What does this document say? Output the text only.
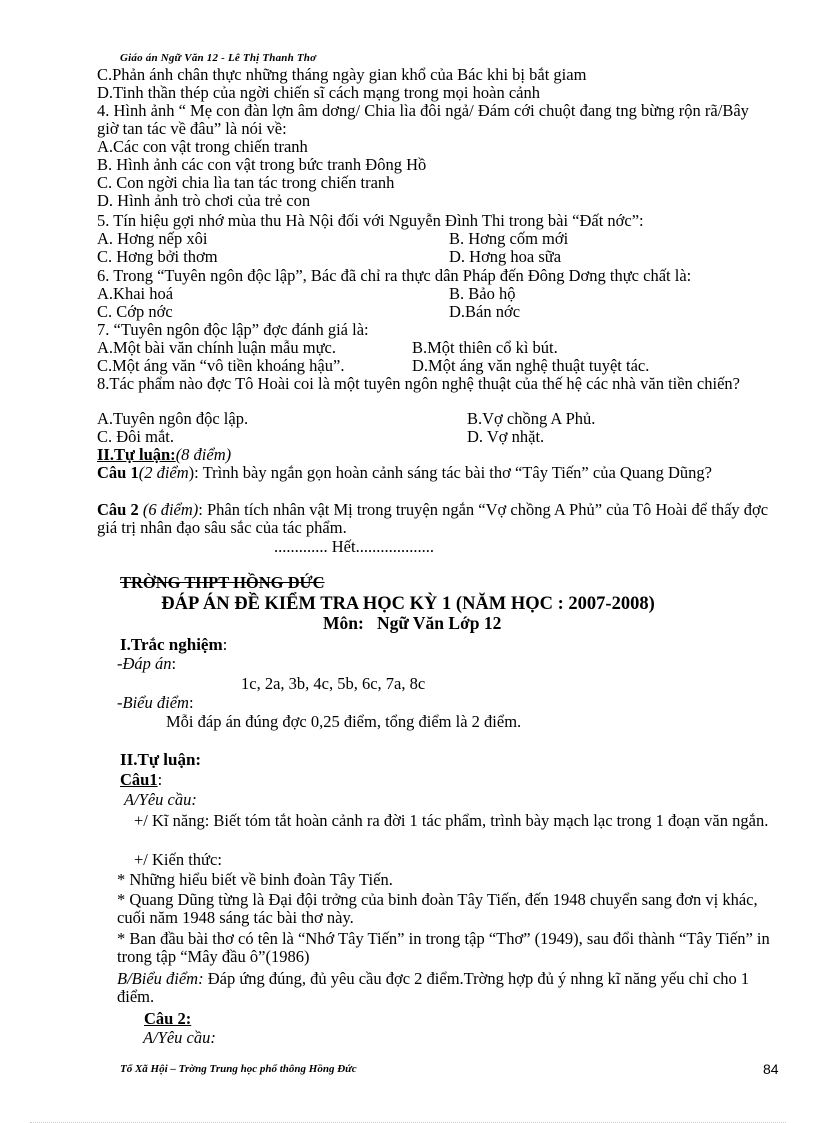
Giáo án Ngữ Văn 12 - Lê Thị Thanh Thơ
C.Phản ánh chân thực những tháng ngày gian khổ của Bác khi bị bắt giam
D.Tinh thần thép của ngời chiến sĩ cách mạng trong mọi hoàn cảnh
4. Hình ảnh “ Mẹ con đàn lợn âm dơng/ Chia lìa đôi ngả/ Đám cới chuột đang tng bừng rộn rã/Bây giờ tan tác về đâu” là nói về:
A.Các con vật trong chiến tranh
B. Hình ảnh các con vật trong bức tranh Đông Hồ
C. Con ngời chia lìa tan tác trong chiến tranh
D. Hình ảnh trò chơi của trẻ con
5. Tín hiệu gợi nhớ mùa thu Hà Nội đối với Nguyễn Đình Thi trong bài “Đất nớc”:
A. Hơng nếp xôi	B. Hơng cốm mới
C. Hơng bởi thơm	D. Hơng hoa sữa
6. Trong “Tuyên ngôn độc lập”, Bác đã chỉ ra thực dân Pháp đến Đông Dơng thực chất là:
A.Khai hoá	B. Bảo hộ
C. Cớp nớc	D.Bán nớc
7. “Tuyên ngôn độc lập” đợc đánh giá là:
A.Một bài văn chính luận mẫu mực.	B.Một thiên cổ kì bút.
C.Một áng văn “vô tiền khoáng hậu”.	D.Một áng văn nghệ thuật tuyệt tác.
8.Tác phẩm nào đợc Tô Hoài coi là một tuyên ngôn nghệ thuật của thế hệ các nhà văn tiền chiến?
A.Tuyên ngôn độc lập.	B.Vợ chồng A Phủ.
C. Đôi mắt.	D. Vợ nhặt.
II.Tự luận:(8 điểm)
Câu 1(2 điểm): Trình bày ngắn gọn hoàn cảnh sáng tác bài thơ “Tây Tiến” của Quang Dũng?
Câu 2 (6 điểm): Phân tích nhân vật Mị trong truyện ngắn “Vợ chồng A Phủ” của Tô Hoài để thấy đợc giá trị nhân đạo sâu sắc của tác phẩm.
............. Hết...................
TRỜNG THPT HỒNG ĐỨC
ĐÁP ÁN ĐỀ KIỂM TRA HỌC KỲ 1 (NĂM HỌC : 2007-2008)
Môn: Ngữ Văn Lớp 12
I.Trắc nghiệm:
-Đáp án:
1c, 2a, 3b, 4c, 5b, 6c, 7a, 8c
-Biểu điểm:
Mỗi đáp án đúng đợc 0,25 điểm, tổng điểm là 2 điểm.
II.Tự luận:
Câu1:
A/Yêu cầu:
+/ Kĩ năng: Biết tóm tắt hoàn cảnh ra đời 1 tác phẩm, trình bày mạch lạc trong 1 đoạn văn ngắn.
+/ Kiến thức:
* Những hiểu biết về binh đoàn Tây Tiến.
* Quang Dũng từng là Đại đội trởng của binh đoàn Tây Tiến, đến 1948 chuyển sang đơn vị khác, cuối năm 1948 sáng tác bài thơ này.
* Ban đầu bài thơ có tên là “Nhớ Tây Tiến” in trong tập “Thơ” (1949), sau đổi thành “Tây Tiến” in trong tập “Mây đầu ô”(1986)
B/Biểu điểm: Đáp ứng đúng, đủ yêu cầu đợc 2 điểm.Trờng hợp đủ ý nhng kĩ năng yếu chỉ cho 1 điểm.
Câu 2:
A/Yêu cầu:
Tổ Xã Hội – Trờng Trung học phổ thông Hồng Đức	84
